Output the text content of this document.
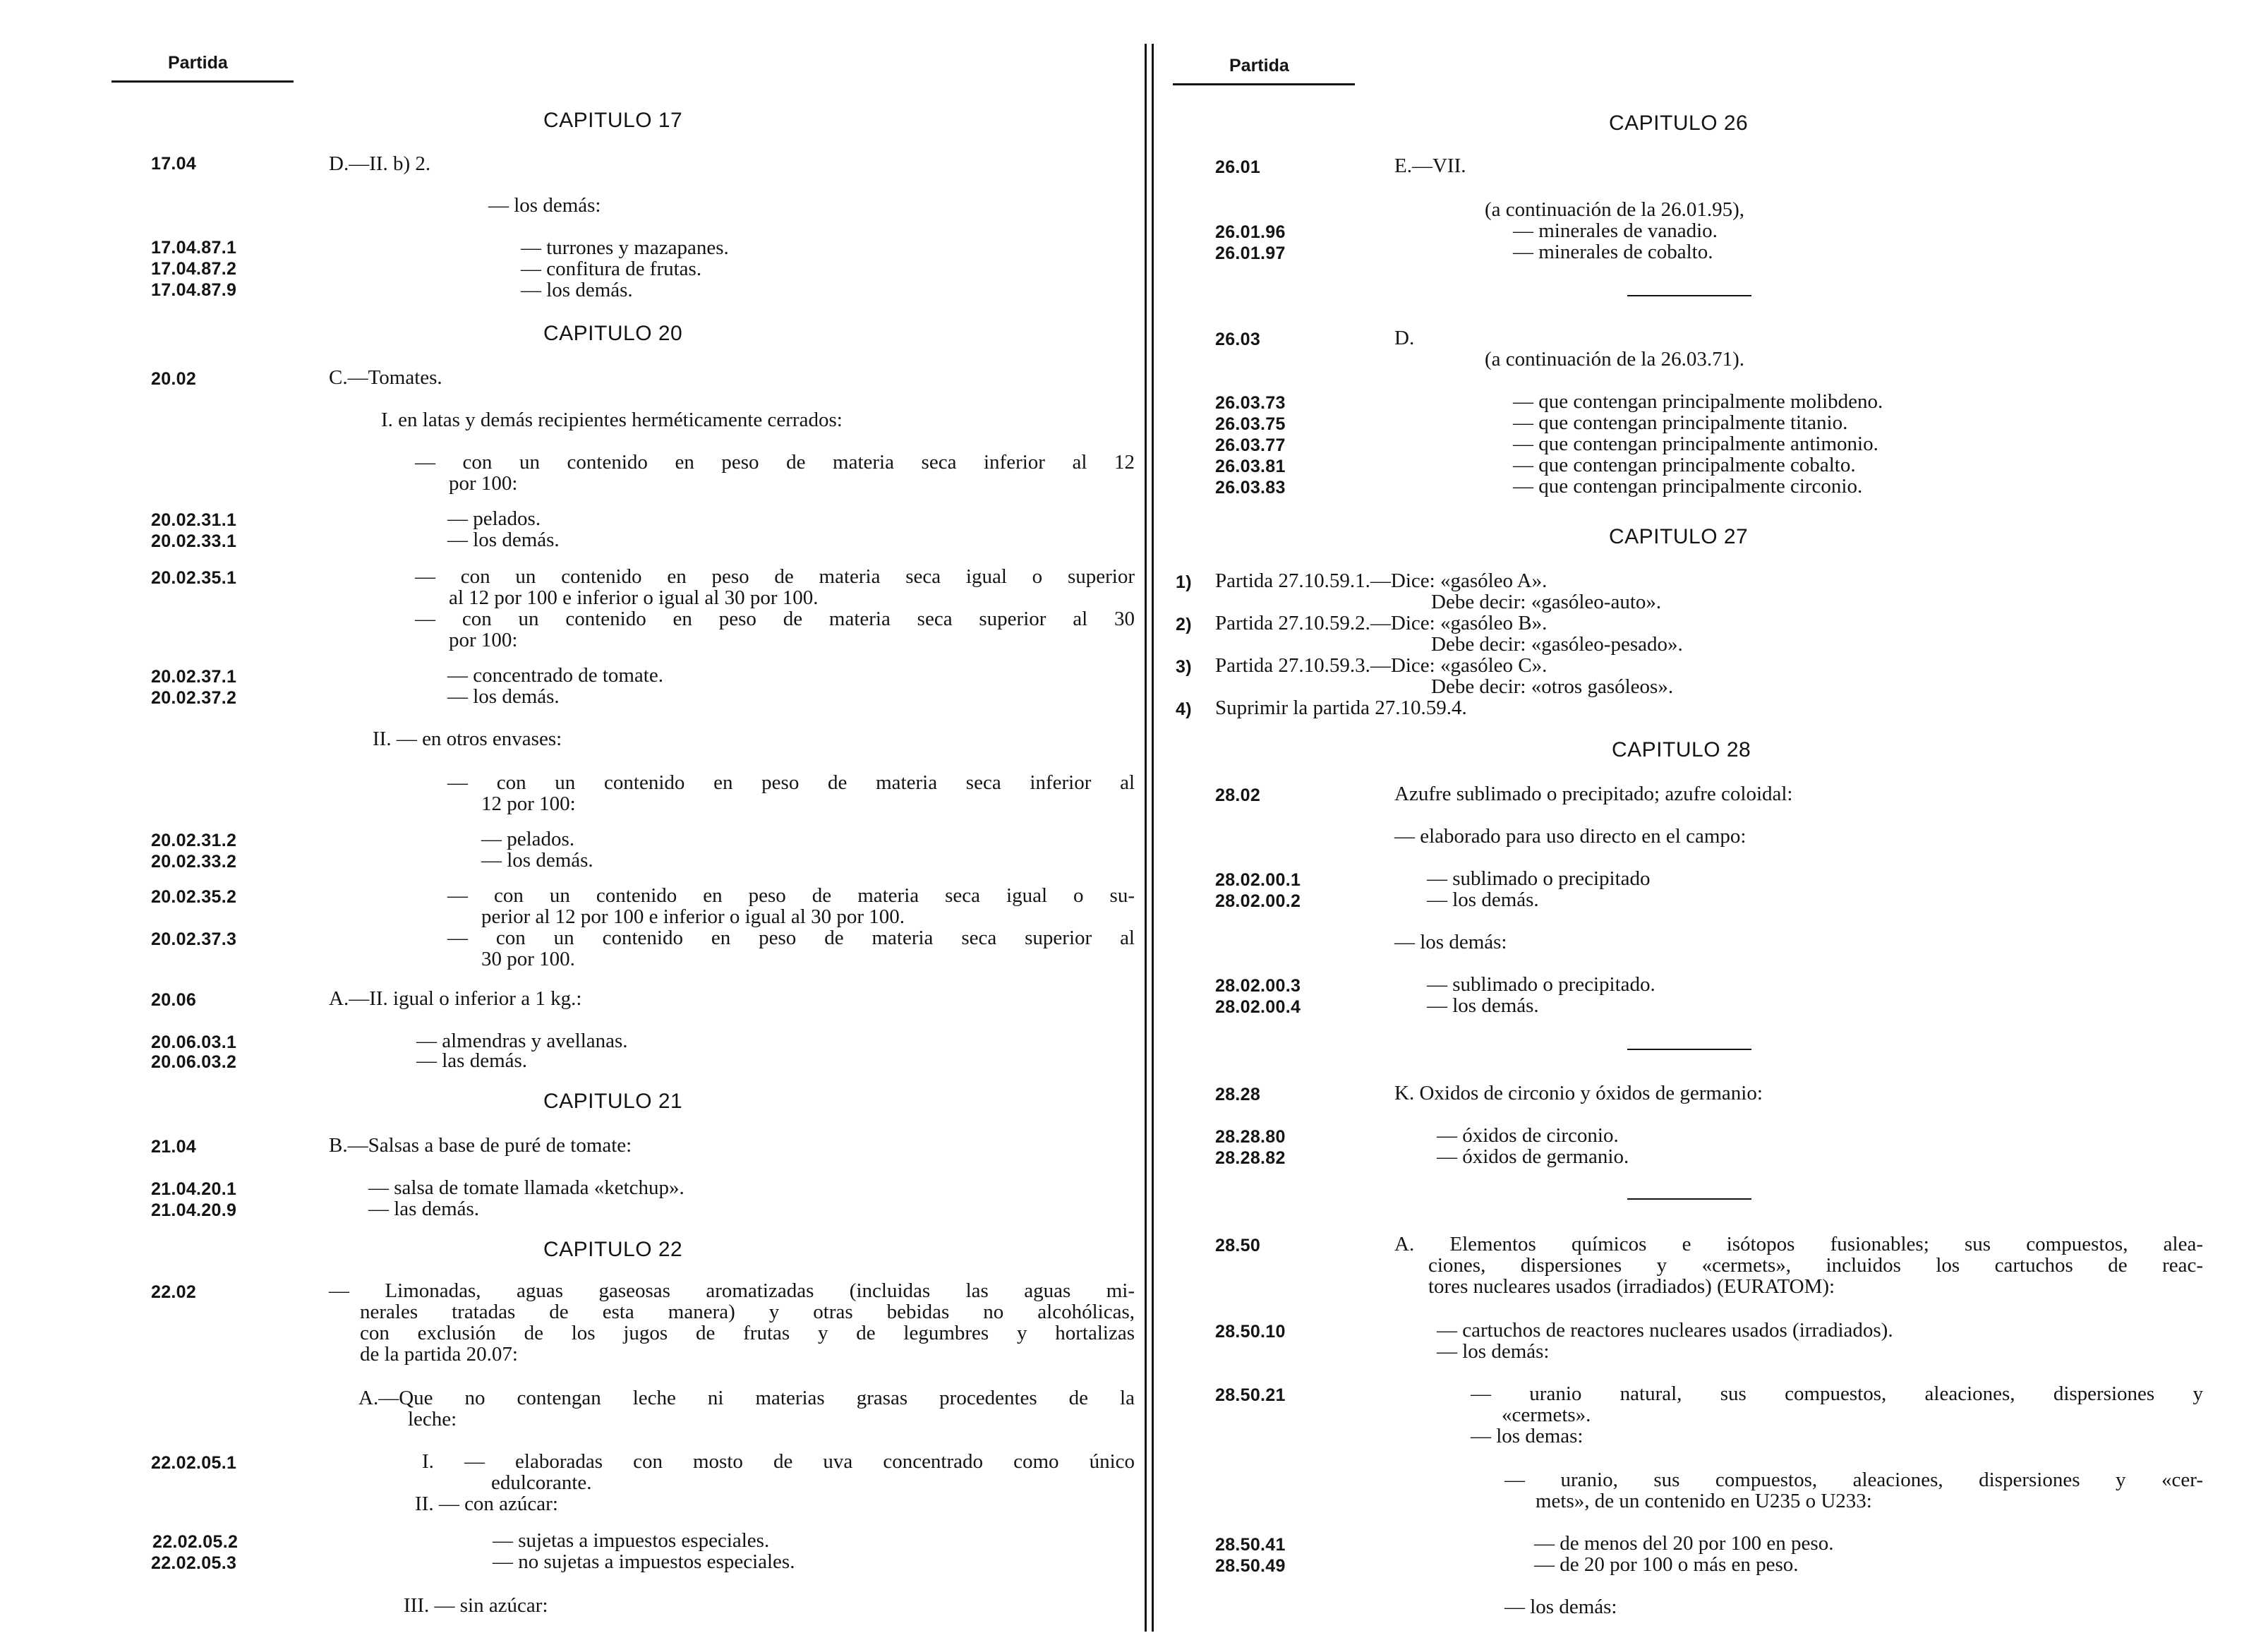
Partida	Partida
CAPITULO 17
17.04	D.—II. b) 2.
— los demás:
17.04.87.1	— turrones y mazapanes.
17.04.87.2	— confitura de frutas.
17.04.87.9	— los demás.
CAPITULO 20
20.02	C.—Tomates.
I. en latas y demás recipientes herméticamente cerrados:
— con un contenido en peso de materia seca inferior al 12
por 100:
20.02.31.1	— pelados.
20.02.33.1	— los demás.
20.02.35.1	— con un contenido en peso de materia seca igual o superior
al 12 por 100 e inferior o igual al 30 por 100.
— con un contenido en peso de materia seca superior al 30
por 100:
20.02.37.1	— concentrado de tomate.
20.02.37.2	— los demás.
II. — en otros envases:
— con un contenido en peso de materia seca inferior al
12 por 100:
20.02.31.2	— pelados.
20.02.33.2	— los demás.
20.02.35.2	— con un contenido en peso de materia seca igual o su-
perior al 12 por 100 e inferior o igual al 30 por 100.
20.02.37.3	— con un contenido en peso de materia seca superior al
30 por 100.
20.06	A.—II. igual o inferior a 1 kg.:
20.06.03.1	— almendras y avellanas.
20.06.03.2	— las demás.
CAPITULO 21
21.04	B.—Salsas a base de puré de tomate:
21.04.20.1	— salsa de tomate llamada «ketchup».
21.04.20.9	— las demás.
CAPITULO 22
22.02	— Limonadas, aguas gaseosas aromatizadas (incluidas las aguas mi-
nerales tratadas de esta manera) y otras bebidas no alcohólicas,
con exclusión de los jugos de frutas y de legumbres y hortalizas
de la partida 20.07:
A.—Que no contengan leche ni materias grasas procedentes de la
leche:
22.02.05.1	I. — elaboradas con mosto de uva concentrado como único
edulcorante.
II. — con azúcar:
22.02.05.2	— sujetas a impuestos especiales.
22.02.05.3	— no sujetas a impuestos especiales.
III. — sin azúcar:
CAPITULO 26
26.01	E.—VII.
(a continuación de la 26.01.95),
26.01.96	— minerales de vanadio.
26.01.97	— minerales de cobalto.
26.03	D.
(a continuación de la 26.03.71).
26.03.73	— que contengan principalmente molibdeno.
26.03.75	— que contengan principalmente titanio.
26.03.77	— que contengan principalmente antimonio.
26.03.81	— que contengan principalmente cobalto.
26.03.83	— que contengan principalmente circonio.
CAPITULO 27
1) Partida 27.10.59.1.—Dice: «gasóleo A».
Debe decir: «gasóleo-auto».
2) Partida 27.10.59.2.—Dice: «gasóleo B».
Debe decir: «gasóleo-pesado».
3) Partida 27.10.59.3.—Dice: «gasóleo C».
Debe decir: «otros gasóleos».
4) Suprimir la partida 27.10.59.4.
CAPITULO 28
28.02	Azufre sublimado o precipitado; azufre coloidal:
— elaborado para uso directo en el campo:
28.02.00.1	— sublimado o precipitado
28.02.00.2	— los demás.
— los demás:
28.02.00.3	— sublimado o precipitado.
28.02.00.4	— los demás.
28.28	K. Oxidos de circonio y óxidos de germanio:
28.28.80	— óxidos de circonio.
28.28.82	— óxidos de germanio.
28.50	A. Elementos químicos e isótopos fusionables; sus compuestos, alea-
ciones, dispersiones y «cermets», incluidos los cartuchos de reac-
tores nucleares usados (irradiados) (EURATOM):
28.50.10	— cartuchos de reactores nucleares usados (irradiados).
— los demás:
28.50.21	— uranio natural, sus compuestos, aleaciones, dispersiones y
«cermets».
— los demas:
— uranio, sus compuestos, aleaciones, dispersiones y «cer-
mets», de un contenido en U235 o U233:
28.50.41	— de menos del 20 por 100 en peso.
28.50.49	— de 20 por 100 o más en peso.
— los demás:
